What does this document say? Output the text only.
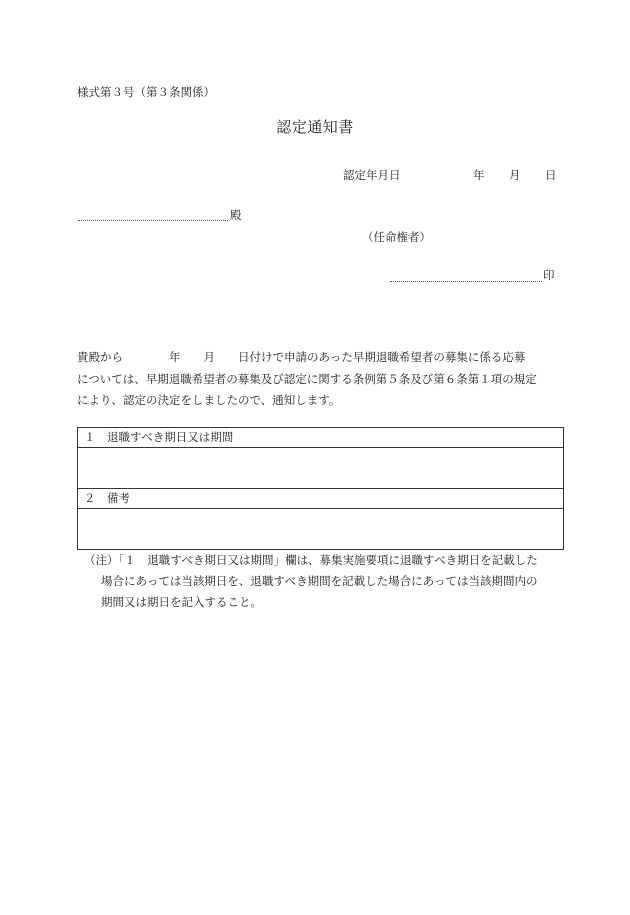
様式第３号（第３条関係）
認定通知書
認定年月日	年 月 日
殿
（任命権者）
印
貴殿から　　　　年　　月　　日付けで申請のあった早期退職希望者の募集に係る応募
については、早期退職希望者の募集及び認定に関する条例第５条及び第６条第１項の規定
により、認定の決定をしましたので、通知します。
１　退職すべき期日又は期間
２　備考
（注）「１　退職すべき期日又は期間」欄は、募集実施要項に退職すべき期日を記載した
場合にあっては当該期日を、退職すべき期間を記載した場合にあっては当該期間内の
期間又は期日を記入すること。
